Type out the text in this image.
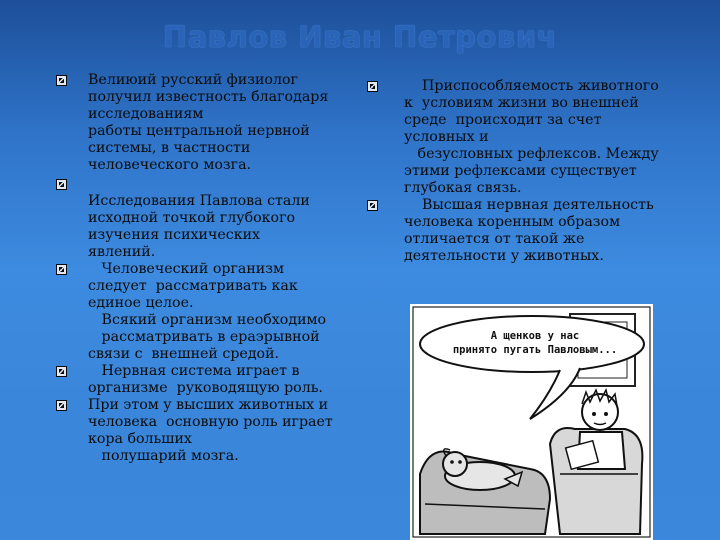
Павлов Иван Петрович
Велиюий русский физиолог
получил известность благодаря
исследованиям
работы центральной нервной
системы, в частности
человеческого мозга.
Исследования Павлова стали
исходной точкой глубокого
изучения психических
явлений.
Человеческий организм
следует  рассматривать как
единое целое.
Всякий организм необходимо
рассматривать в ераэрывной
связи с  внешней средой.
Нервная система играет в
организме  руководящую роль.
При этом у высших животных и
человека  основную роль играет
кора больших
полушарий мозга.
Приспособляемость животного
к  условиям жизни во внешней
среде  происходит за счет
условных и
безусловных рефлексов. Между
этими рефлексами существует
глубокая связь.
Высшая нервная деятельность
человека коренным образом
отличается от такой же
деятельности у животных.
А щенков у нас
принято пугать Павловым...
